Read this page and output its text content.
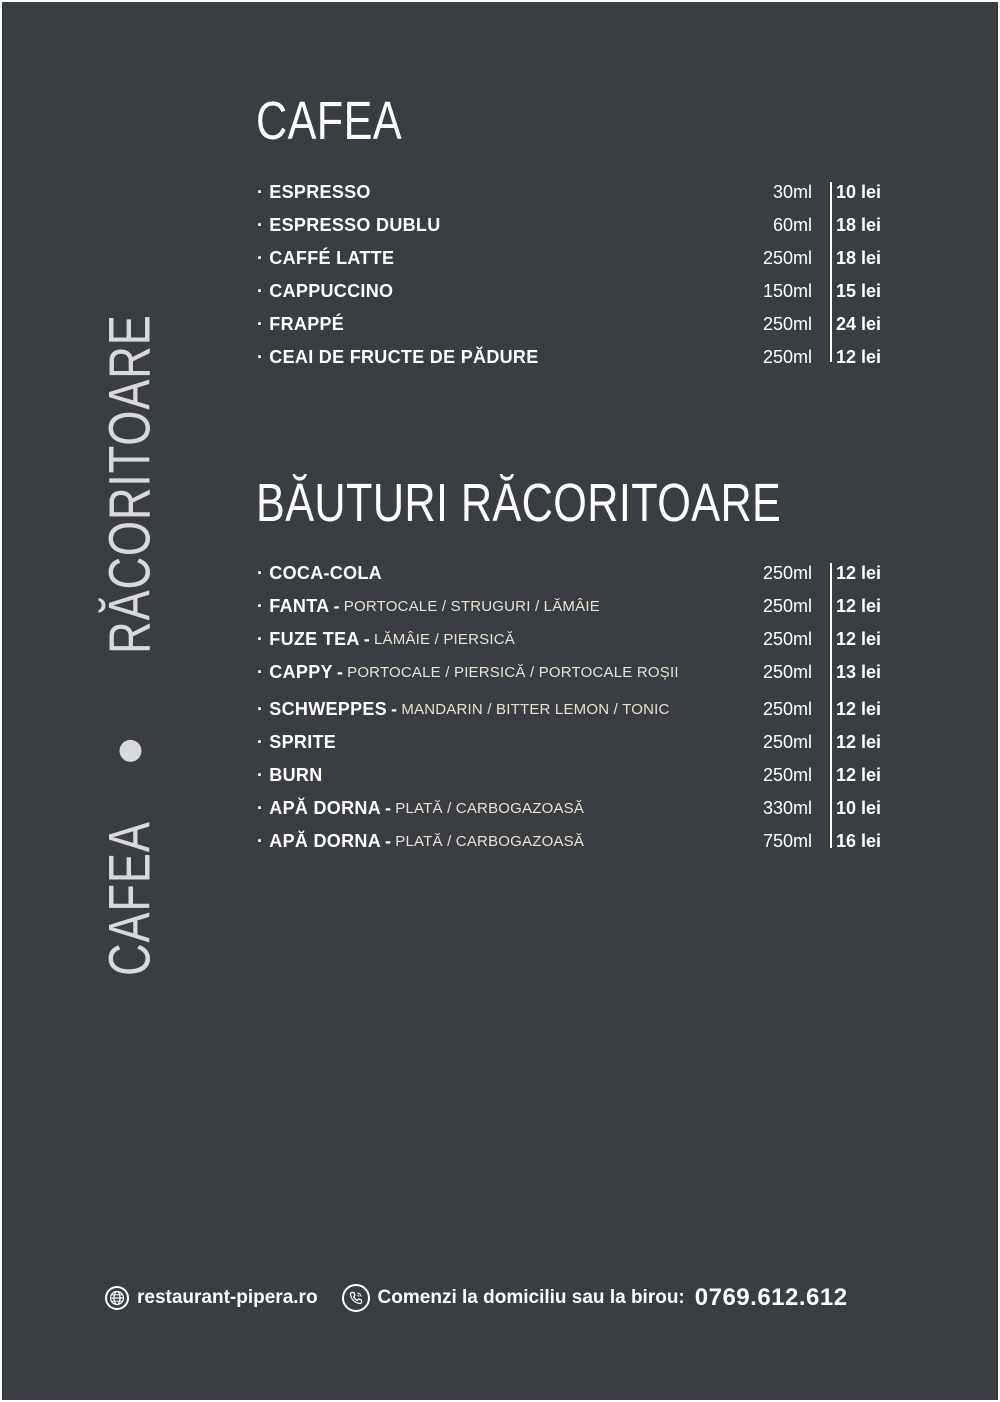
CAFEA
RĂCORITOARE
CAFEA
· ESPRESSO	30ml 10 lei
· ESPRESSO DUBLU	60ml 18 lei
· CAFFÉ LATTE	250ml 18 lei
· CAPPUCCINO	150ml 15 lei
· FRAPPÉ	250ml 24 lei
· CEAI DE FRUCTE DE PĂDURE	250ml 12 lei
BĂUTURI RĂCORITOARE
· COCA-COLA	250ml 12 lei
· FANTA - PORTOCALE / STRUGURI / LĂMÂIE	250ml 12 lei
· FUZE TEA - LĂMÂIE / PIERSICĂ	250ml 12 lei
· CAPPY - PORTOCALE / PIERSICĂ / PORTOCALE ROȘII	250ml 13 lei
· SCHWEPPES - MANDARIN / BITTER LEMON / TONIC	250ml 12 lei
· SPRITE	250ml 12 lei
· BURN	250ml 12 lei
· APĂ DORNA - PLATĂ / CARBOGAZOASĂ	330ml 10 lei
· APĂ DORNA - PLATĂ / CARBOGAZOASĂ	750ml 16 lei
restaurant-pipera.ro	Comenzi la domiciliu sau la birou: 0769.612.612
